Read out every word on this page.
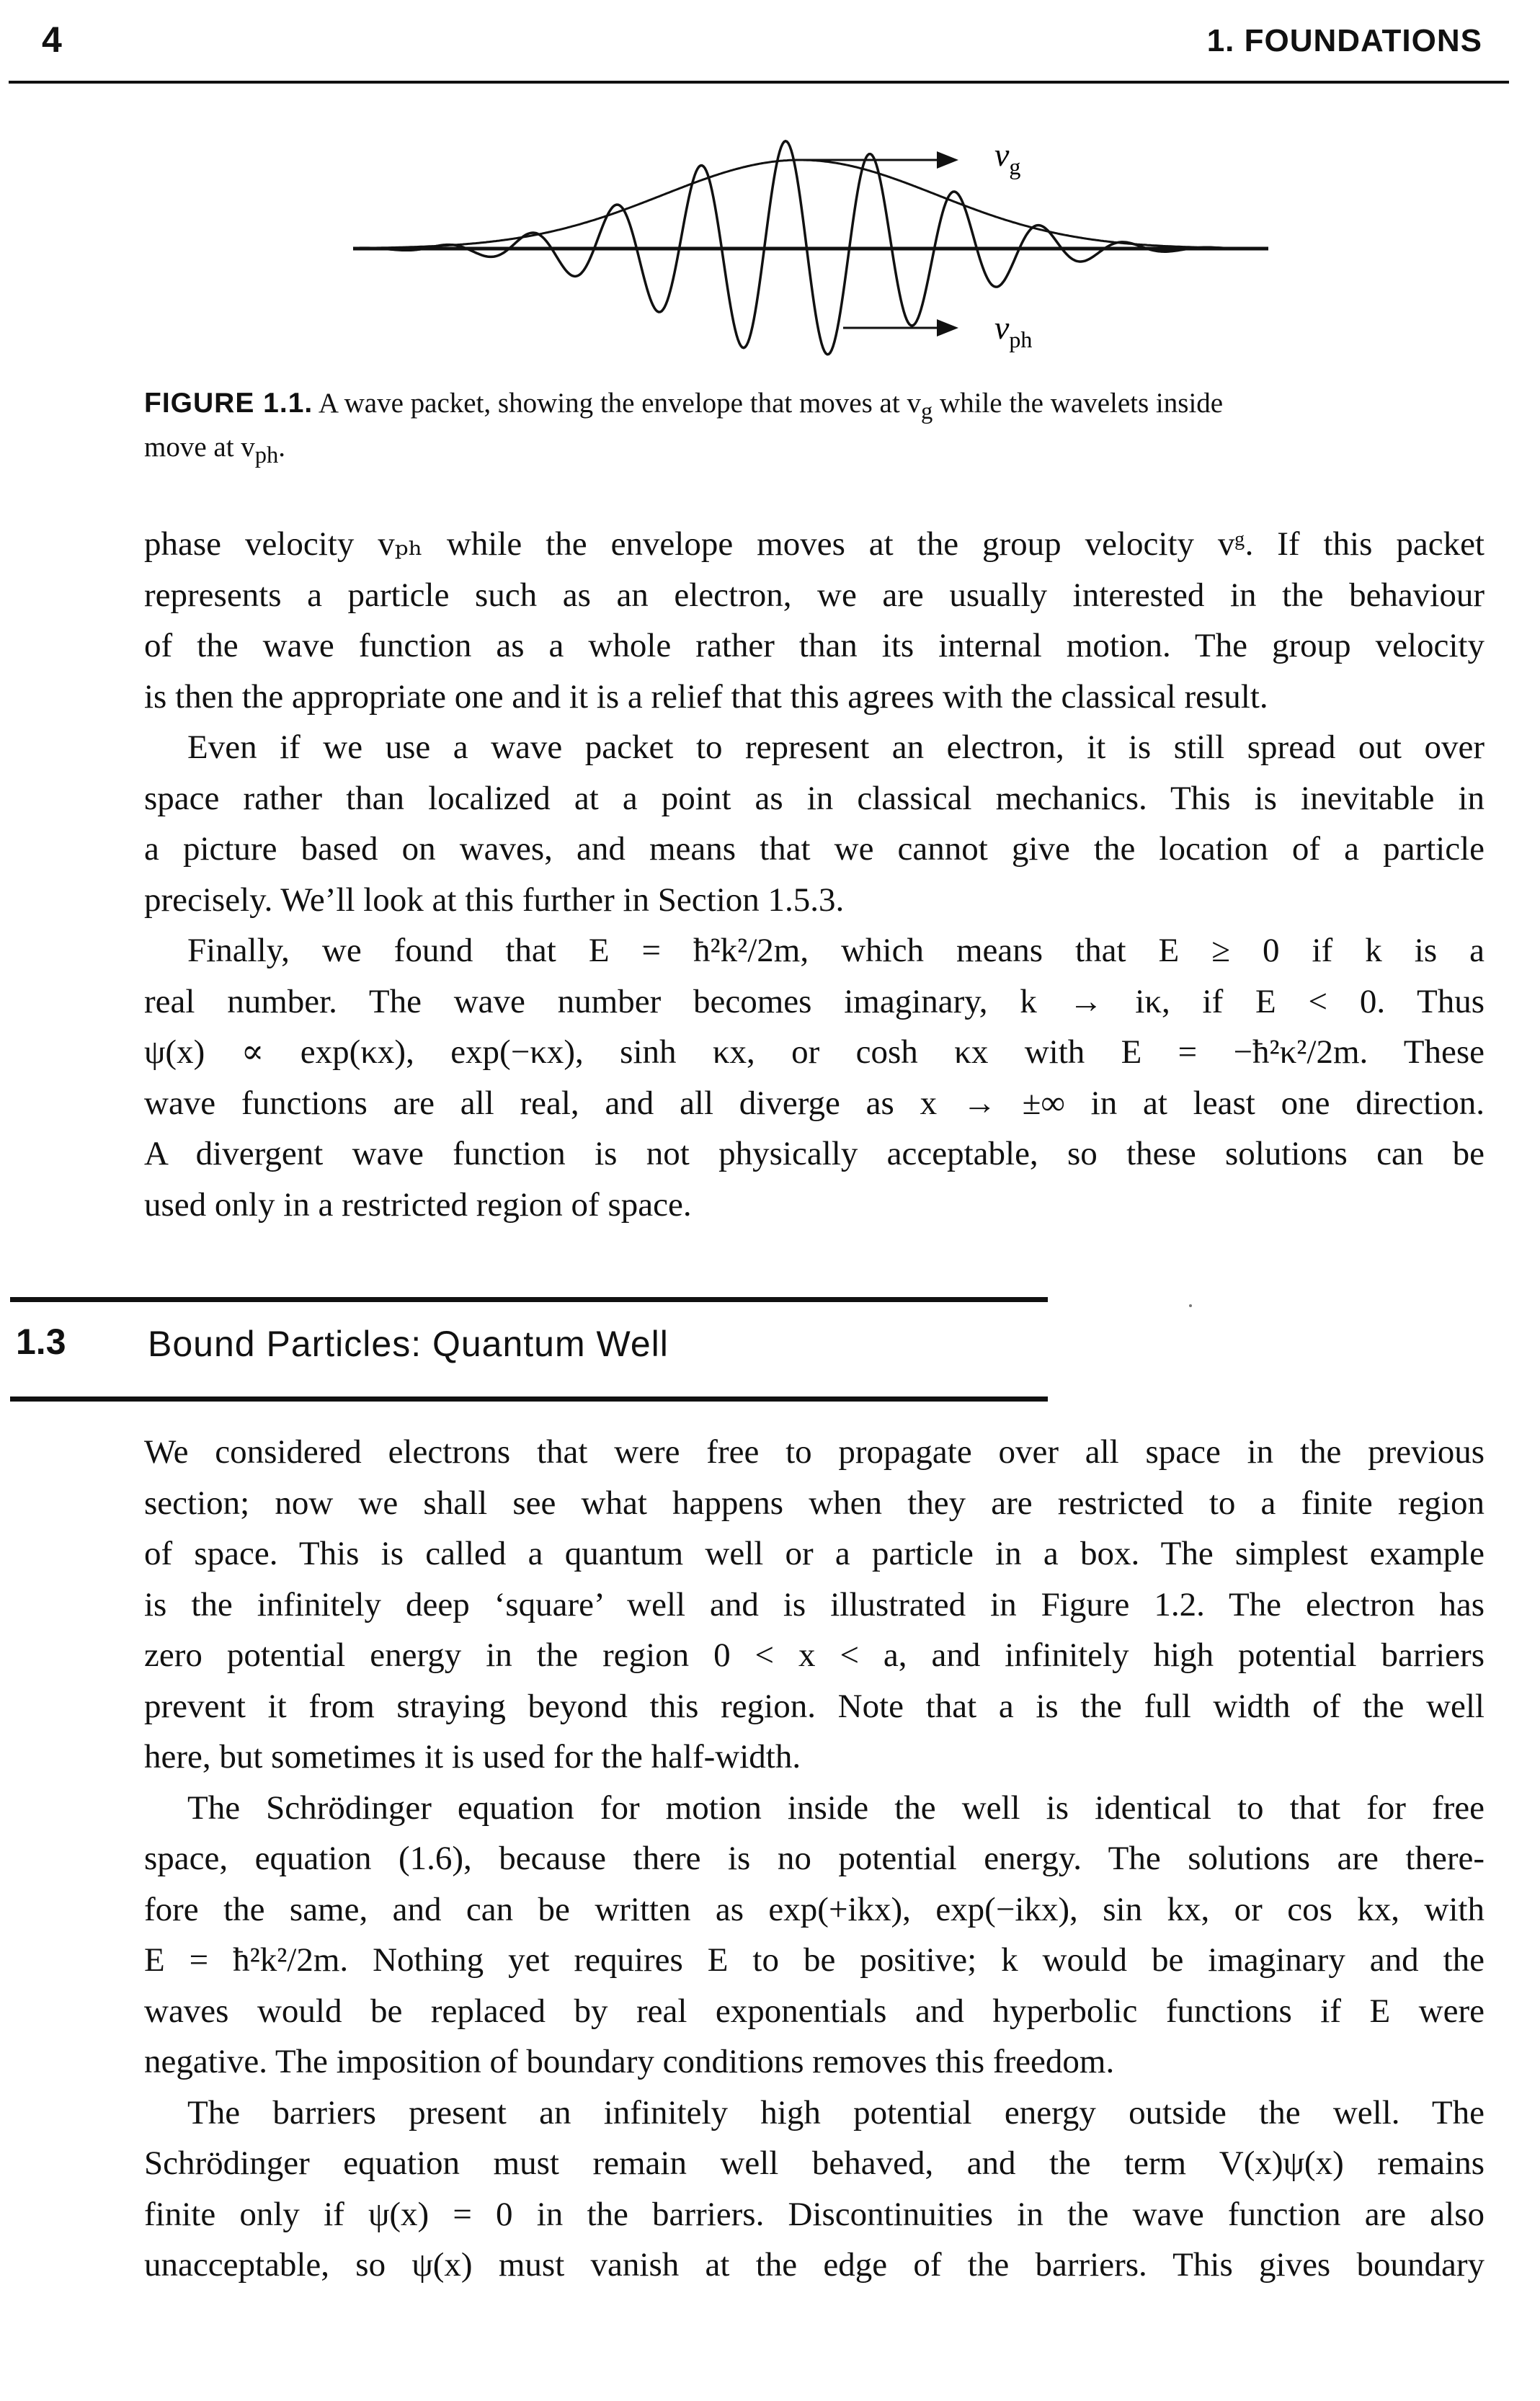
4	1. FOUNDATIONS
$v_g$
$v_{ph}$
FIGURE 1.1. A wave packet, showing the envelope that moves at $v_g$ while the wavelets inside
move at $v_{ph}$.
phase velocity vₚₕ while the envelope moves at the group velocity vᵍ. If this packet
represents a particle such as an electron, we are usually interested in the behaviour
of the wave function as a whole rather than its internal motion. The group velocity
is then the appropriate one and it is a relief that this agrees with the classical result.
Even if we use a wave packet to represent an electron, it is still spread out over
space rather than localized at a point as in classical mechanics. This is inevitable in
a picture based on waves, and means that we cannot give the location of a particle
precisely. We’ll look at this further in Section 1.5.3.
Finally, we found that E = ħ²k²/2m, which means that E ≥ 0 if k is a
real number. The wave number becomes imaginary, k → iκ, if E < 0. Thus
ψ(x) ∝ exp(κx), exp(−κx), sinh κx, or cosh κx with E = −ħ²κ²/2m. These
wave functions are all real, and all diverge as x → ±∞ in at least one direction.
A divergent wave function is not physically acceptable, so these solutions can be
used only in a restricted region of space.
1.3 Bound Particles: Quantum Well
We considered electrons that were free to propagate over all space in the previous
section; now we shall see what happens when they are restricted to a finite region
of space. This is called a quantum well or a particle in a box. The simplest example
is the infinitely deep ‘square’ well and is illustrated in Figure 1.2. The electron has
zero potential energy in the region 0 < x < a, and infinitely high potential barriers
prevent it from straying beyond this region. Note that a is the full width of the well
here, but sometimes it is used for the half-width.
The Schrödinger equation for motion inside the well is identical to that for free
space, equation (1.6), because there is no potential energy. The solutions are there-
fore the same, and can be written as exp(+ikx), exp(−ikx), sin kx, or cos kx, with
E = ħ²k²/2m. Nothing yet requires E to be positive; k would be imaginary and the
waves would be replaced by real exponentials and hyperbolic functions if E were
negative. The imposition of boundary conditions removes this freedom.
The barriers present an infinitely high potential energy outside the well. The
Schrödinger equation must remain well behaved, and the term V(x)ψ(x) remains
finite only if ψ(x) = 0 in the barriers. Discontinuities in the wave function are also
unacceptable, so ψ(x) must vanish at the edge of the barriers. This gives boundary
